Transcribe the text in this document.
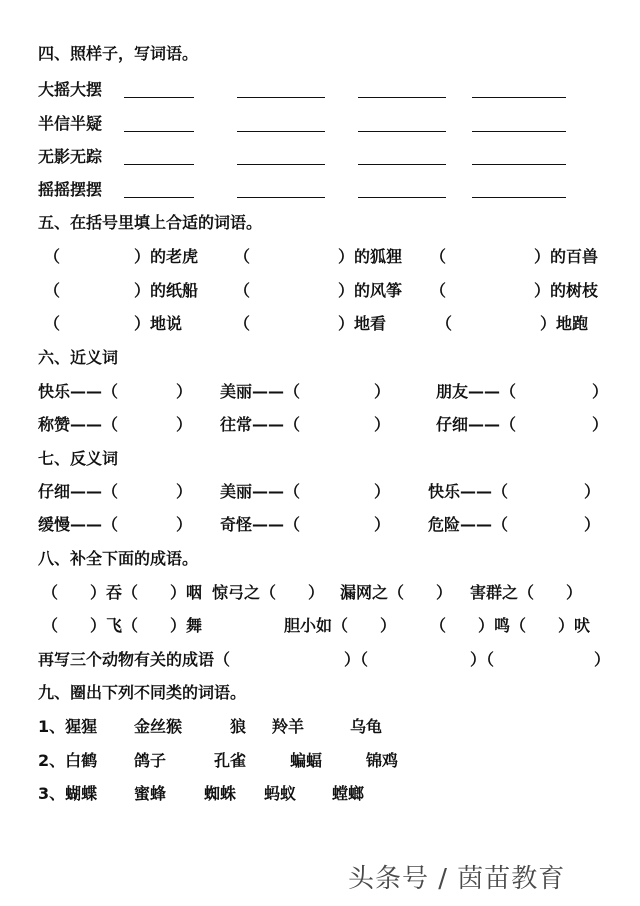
四、照样子，写词语。
大摇大摆
半信半疑
无影无踪
摇摇摆摆
五、在括号里填上合适的词语。
（	）的老虎 （	）的狐狸 （	）的百兽
（	）的纸船 （	）的风筝 （	）的树枝
（	）地说	（	）地看	（	）地跑
六、近义词
快乐——（	） 美丽——（	）	朋友——（	）
称赞——（	） 往常——（	）	仔细——（	）
七、反义词
仔细——（	） 美丽——（	） 快乐——（	）
缓慢——（	） 奇怪——（	） 危险——（	）
八、补全下面的成语。
（　　）吞（　　）咽 惊弓之（　　） 漏网之（　　） 害群之（　　）
（　　）飞（　　）舞	胆小如（　　） （　　）鸣（　　）吠
再写三个动物有关的成语（	）（	）（	）
九、圈出下列不同类的词语。
1、猩猩 金丝猴	狼 羚羊	乌龟
2、白鹤 鸽子	孔雀	蝙蝠	锦鸡
3、蝴蝶 蜜蜂 蜘蛛 蚂蚁 螳螂
头条号 / 茵苗教育
